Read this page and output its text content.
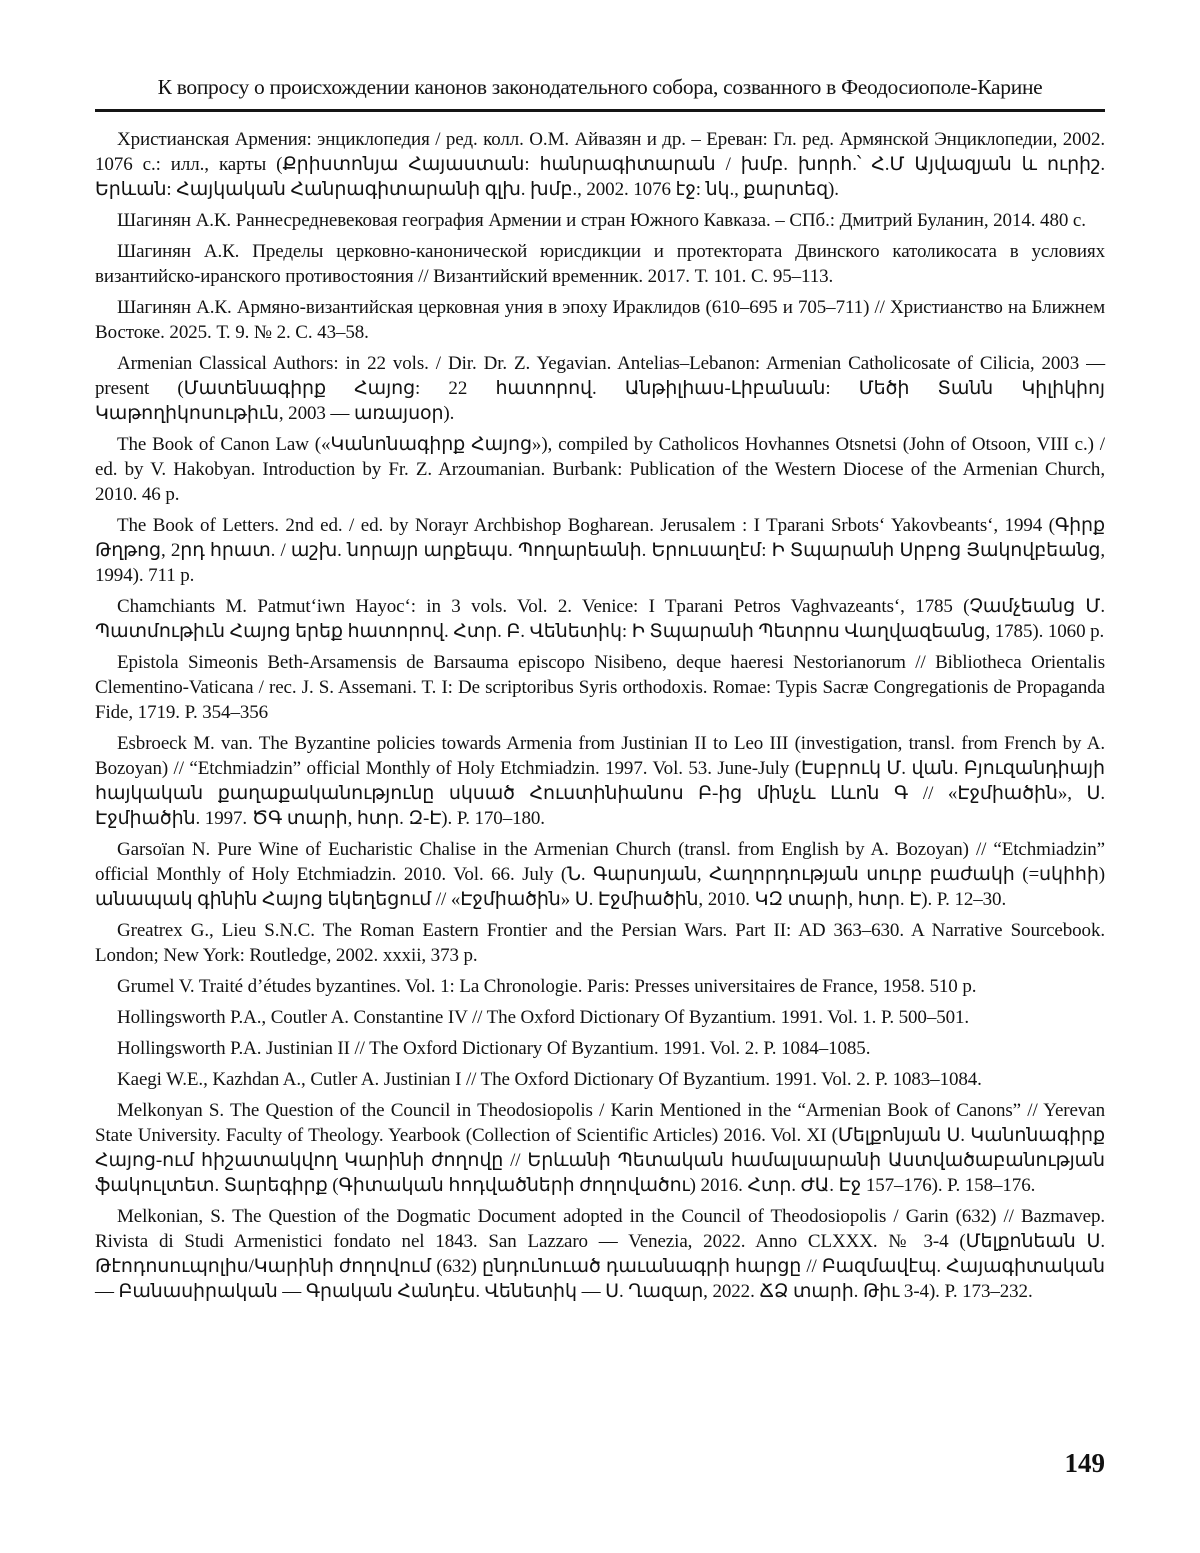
К вопросу о происхождении канонов законодательного собора, созванного в Феодосиополе-Карине

Христианская Армения: энциклопедия / ред. колл. О.М. Айвазян и др. – Ереван: Гл. ред. Армянской Энциклопедии, 2002. 1076 с.: илл., карты (Քրիստոնյա Հայաստան: հանրագիտարան / խմբ. խորհ.՝ Հ.Մ Այվազյան և ուրիշ. Երևան: Հայկական Հանրագիտարանի գլխ. խմբ., 2002. 1076 էջ: նկ., քարտեզ).

Шагинян А.К. Раннесредневековая география Армении и стран Южного Кавказа. – СПб.: Дмитрий Буланин, 2014. 480 с.

Шагинян А.К. Пределы церковно-канонической юрисдикции и протектората Двинского католикосата в условиях византийско-иранского противостояния // Византийский временник. 2017. Т. 101. С. 95–113.

Шагинян А.К. Армяно-византийская церковная уния в эпоху Ираклидов (610–695 и 705–711) // Христианство на Ближнем Востоке. 2025. Т. 9. № 2. С. 43–58.

Armenian Classical Authors: in 22 vols. / Dir. Dr. Z. Yegavian. Antelias–Lebanon: Armenian Catholicosate of Cilicia, 2003 — present (Մատենագիրք Հայոց: 22 հատորով. Անթիլիաս-Լիբանան: Մեծի Տանն Կիլիկիոյ Կաթողիկոսութիւն, 2003 — առայսօր).

The Book of Canon Law («Կանոնագիրք Հայոց»), compiled by Catholicos Hovhannes Otsnetsi (John of Otsoon, VIII c.) / ed. by V. Hakobyan. Introduction by Fr. Z. Arzoumanian. Burbank: Publication of the Western Diocese of the Armenian Church, 2010. 46 p.

The Book of Letters. 2nd ed. / ed. by Norayr Archbishop Bogharean. Jerusalem : I Tparani Srbotsʻ Yakovbeantsʻ, 1994 (Գիրք Թղթոց, 2րդ հրատ. / աշխ. նորայր արքեպս. Պողարեանի. Երուսաղէմ: Ի Տպարանի Սրբոց Յակովբեանց, 1994). 711 p.

Chamchiants M. Patmutʻiwn Hayocʻ: in 3 vols. Vol. 2. Venice: I Tparani Petros Vaghvazeantsʻ, 1785 (Չամչեանց Մ. Պատմութիւն Հայոց երեք հատորով. Հտր. Բ. Վենետիկ: Ի Տպարանի Պետրոս Վաղվազեանց, 1785). 1060 p.

Epistola Simeonis Beth-Arsamensis de Barsauma episcopo Nisibeno, deque haeresi Nestorianorum // Bibliotheca Orientalis Clementino-Vaticana / rec. J. S. Assemani. T. I: De scriptoribus Syris orthodoxis. Romae: Typis Sacræ Congregationis de Propaganda Fide, 1719. P. 354–356

Esbroeck M. van. The Byzantine policies towards Armenia from Justinian II to Leo III (investigation, transl. from French by A. Bozoyan) // “Etchmiadzin” official Monthly of Holy Etchmiadzin. 1997. Vol. 53. June-July (Էսբրուկ Մ. վան. Բյուզանդիայի հայկական քաղաքականությունը սկսած Հուստինիանոս Բ-ից մինչև Լևոն Գ // «Էջմիածին», Ս. Էջմիածին. 1997. ԾԳ տարի, հտր. Զ-Է). P. 170–180.

Garsoïan N. Pure Wine of Eucharistic Chalise in the Armenian Church (transl. from English by A. Bozoyan) // “Etchmiadzin” official Monthly of Holy Etchmiadzin. 2010. Vol. 66. July (Ն. Գարսոյան, Հաղորդության սուրբ բաժակի (=սկիհի) անապակ գինին Հայոց եկեղեցում // «Էջմիածին» Ս. Էջմիածին, 2010. ԿԶ տարի, հտր. Է). P. 12–30.

Greatrex G., Lieu S.N.C. The Roman Eastern Frontier and the Persian Wars. Part II: AD 363–630. A Narrative Sourcebook. London; New York: Routledge, 2002. xxxii, 373 p.

Grumel V. Traité d’études byzantines. Vol. 1: La Chronologie. Paris: Presses universitaires de France, 1958. 510 p.

Hollingsworth P.A., Coutler A. Constantine IV // The Oxford Dictionary Of Byzantium. 1991. Vol. 1. P. 500–501.

Hollingsworth P.A. Justinian II // The Oxford Dictionary Of Byzantium. 1991. Vol. 2. P. 1084–1085.

Kaegi W.E., Kazhdan A., Cutler A. Justinian I // The Oxford Dictionary Of Byzantium. 1991. Vol. 2. P. 1083–1084.

Melkonyan S. The Question of the Council in Theodosiopolis / Karin Mentioned in the “Armenian Book of Canons” // Yerevan State University. Faculty of Theology. Yearbook (Collection of Scientific Articles) 2016. Vol. XI (Մելքոնյան Ս. Կանոնագիրք Հայոց-ում հիշատակվող Կարինի ժողովը // Երևանի Պետական համալսարանի Աստվածաբանության ֆակուլտետ. Տարեգիրք (Գիտական հոդվածների ժողովածու) 2016. Հտր. ԺԱ. Էջ 157–176). P. 158–176.

Melkonian, S. The Question of the Dogmatic Document adopted in the Council of Theodosiopolis / Garin (632) // Bazmavep. Rivista di Studi Armenistici fondato nel 1843. San Lazzaro — Venezia, 2022. Anno CLXXX. № 3-4 (Մելքոնեան Ս. Թէոդոսուպոլիս/Կարինի ժողովում (632) ընդունուած դաւանագրի հարցը // Բազմավէպ. Հայագիտական — Բանասիրական — Գրական Հանդէս. Վենետիկ — Ս. Ղազար, 2022. ՃՁ տարի. Թիւ 3-4). P. 173–232.

149
